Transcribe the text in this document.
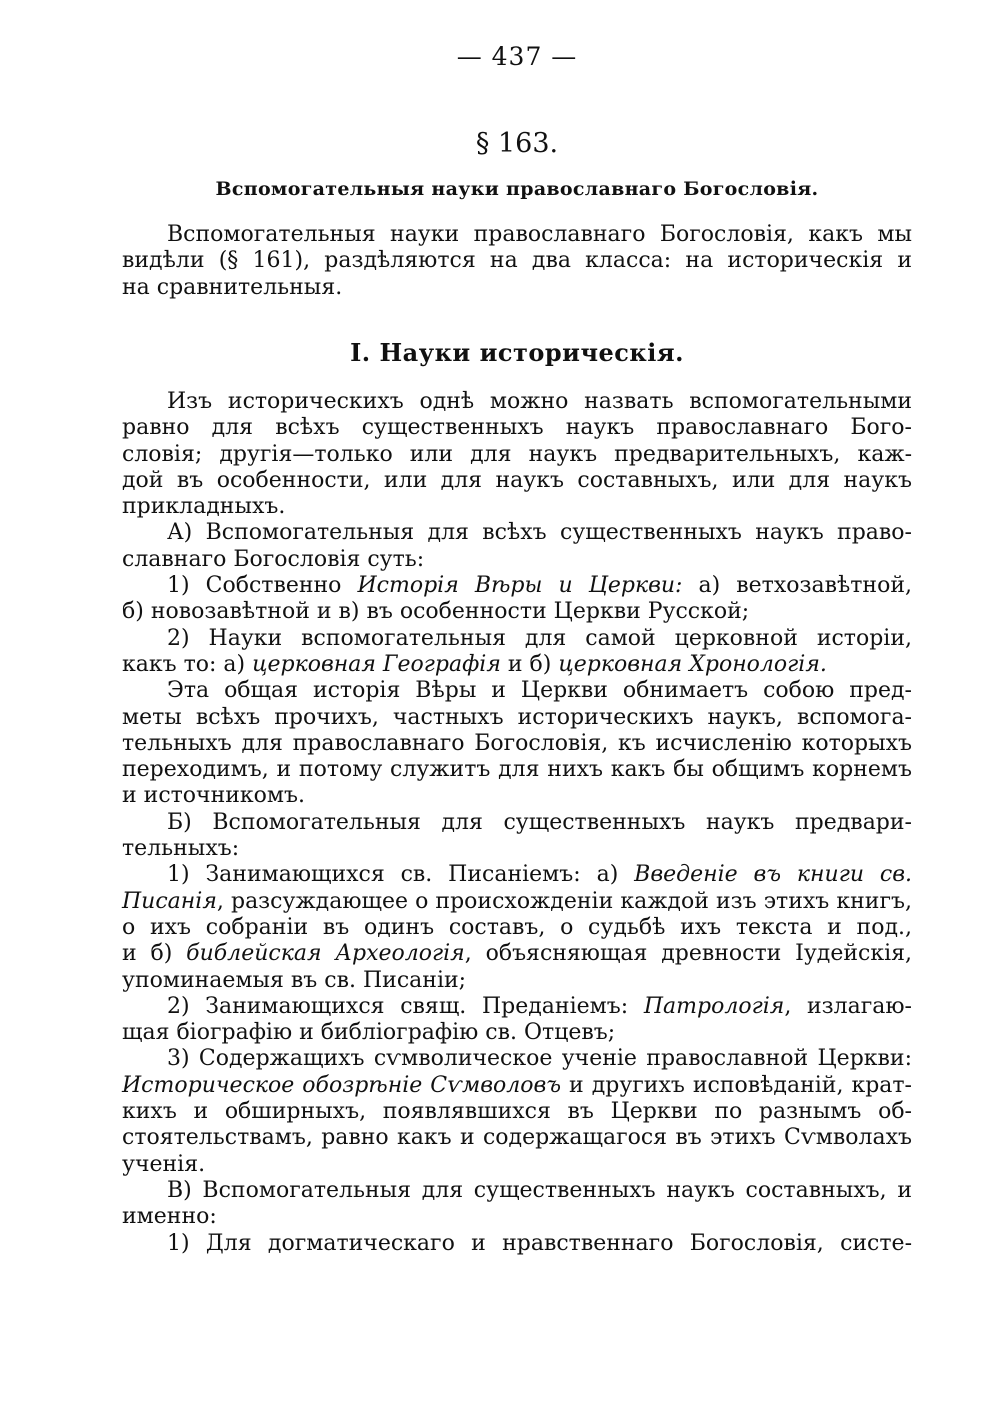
— 437 —
§ 163.
Вспомогательныя науки православнаго Богословія.
Вспомогательныя науки православнаго Богословія, какъ мы
видѣли (§ 161), раздѣляются на два класса: на историческія и
на сравнительныя.
I. Науки историческія.
Изъ историческихъ однѣ можно назвать вспомогательными
равно для всѣхъ существенныхъ наукъ православнаго Бого-
словія; другія—только или для наукъ предварительныхъ, каж-
дой въ особенности, или для наукъ составныхъ, или для наукъ
прикладныхъ.
А) Вспомогательныя для всѣхъ существенныхъ наукъ право-
славнаго Богословія суть:
1) Собственно Исторія Вѣры и Церкви: а) ветхозавѣтной,
б) новозавѣтной и в) въ особенности Церкви Русской;
2) Науки вспомогательныя для самой церковной исторіи,
какъ то: а) церковная Географія и б) церковная Хронологія.
Эта общая исторія Вѣры и Церкви обнимаетъ собою пред-
меты всѣхъ прочихъ, частныхъ историческихъ наукъ, вспомога-
тельныхъ для православнаго Богословія, къ исчисленію которыхъ
переходимъ, и потому служитъ для нихъ какъ бы общимъ корнемъ
и источникомъ.
Б) Вспомогательныя для существенныхъ наукъ предвари-
тельныхъ:
1) Занимающихся св. Писаніемъ: а) Введеніе въ книги св.
Писанія, разсуждающее о происхожденіи каждой изъ этихъ книгъ,
о ихъ собраніи въ одинъ составъ, о судьбѣ ихъ текста и под.,
и б) библейская Археологія, объясняющая древности Іудейскія,
упоминаемыя въ св. Писаніи;
2) Занимающихся свящ. Преданіемъ: Патрологія, излагаю-
щая біографію и библіографію св. Отцевъ;
3) Содержащихъ сѵмволическое ученіе православной Церкви:
Историческое обозрѣніе Сѵмволовъ и другихъ исповѣданій, крат-
кихъ и обширныхъ, появлявшихся въ Церкви по разнымъ об-
стоятельствамъ, равно какъ и содержащагося въ этихъ Сѵмволахъ
ученія.
В) Вспомогательныя для существенныхъ наукъ составныхъ, и
именно:
1) Для догматическаго и нравственнаго Богословія, систе-
